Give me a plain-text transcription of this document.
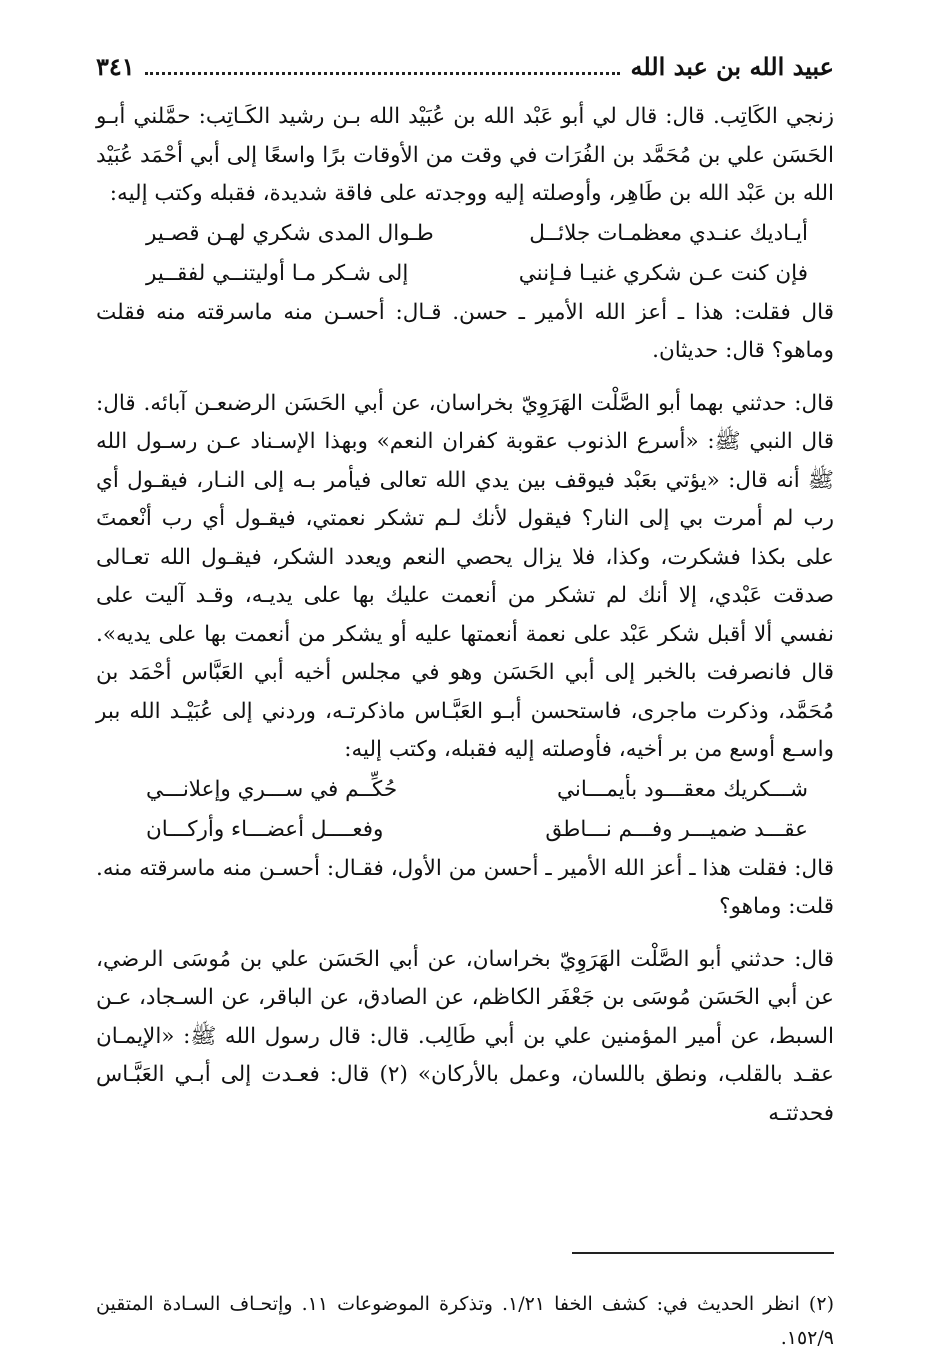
عبيد الله بن عبد الله
٣٤١

زنجي الكَاتِب. قال: قال لي أبو عَبْد الله بن عُبَيْد الله بـن رشيد الكَـاتِب: حمَّلني أبـو الحَسَن علي بن مُحَمَّد بن الفُرَات في وقت من الأوقات برًا واسعًا إلى أبي أحْمَد عُبَيْد الله بن عَبْد الله بن طَاهِر، وأوصلته إليه ووجدته على فاقة شديدة، فقبله وكتب إليه:

أيـاديك عنـدي معظمـات جلائــل
طـوال المدى شكري لهـن قصـير
فإن كنت عـن شكري غنيـا فـإنني
إلى شـكر مـا أوليتنــي لفقــير

قال فقلت: هذا ـ أعز الله الأمير ـ حسن. قـال: أحسـن منه ماسرقته منه فقلت وماهو؟ قال: حديثان.

قال: حدثني بهما أبو الصَّلْت الهَرَوِيّ بخراسان، عن أبي الحَسَن الرضىعـن آبائه. قال: قال النبي ﷺ: «أسرع الذنوب عقوبة كفران النعم» وبهذا الإسـناد عـن رسـول الله ﷺ أنه قال: «يؤتي بعَبْد فيوقف بين يدي الله تعالى فيأمر بـه إلى النـار، فيقـول أي رب لم أمرت بي إلى النار؟ فيقول لأنك لـم تشكر نعمتي، فيقـول أي رب أنْعمتَ على بكذا فشكرت، وكذا، فلا يزال يحصي النعم ويعدد الشكر، فيقـول الله تعـالى صدقت عَبْدي، إلا أنك لم تشكر من أنعمت عليك بها على يديـه، وقـد آليت على نفسي ألا أقبل شكر عَبْد على نعمة أنعمتها عليه أو يشكر من أنعمت بها على يديه». قال فانصرفت بالخبر إلى أبي الحَسَن وهو في مجلس أخيه أبي العَبَّاس أحْمَد بن مُحَمَّد، وذكرت ماجرى، فاستحسن أبـو العَبَّـاس ماذكرتـه، وردني إلى عُبَيْـد الله ببر واسـع أوسع من بر أخيه، فأوصلته إليه فقبله، وكتب إليه:

شـــكريك معقـــود بأيمـــاني
حُكِّــم في ســـري وإعلانـــي
عقـــد ضميـــر وفـــم نـــاطق
وفعــــل أعضـــاء وأركـــان

قال: فقلت هذا ـ أعز الله الأمير ـ أحسن من الأول، فقـال: أحسـن منه ماسرقته منه. قلت: وماهو؟

قال: حدثني أبو الصَّلْت الهَرَوِيّ بخراسان، عن أبي الحَسَن علي بن مُوسَى الرضي، عن أبي الحَسَن مُوسَى بن جَعْفَر الكاظم، عن الصادق، عن الباقر، عن السـجاد، عـن السبط، عن أمير المؤمنين علي بن أبي طَالِب. قال: قال رسول الله ﷺ: «الإيمـان عقـد بالقلب، ونطق باللسان، وعمل بالأركان» (٢) قال: فعـدت إلى أبـي العَبَّـاس فحدثتـه

(٢) انظر الحديث في: كشف الخفا ١/٢١. وتذكرة الموضوعات ١١. وإتحـاف السـادة المتقين ١٥٢/٩.
